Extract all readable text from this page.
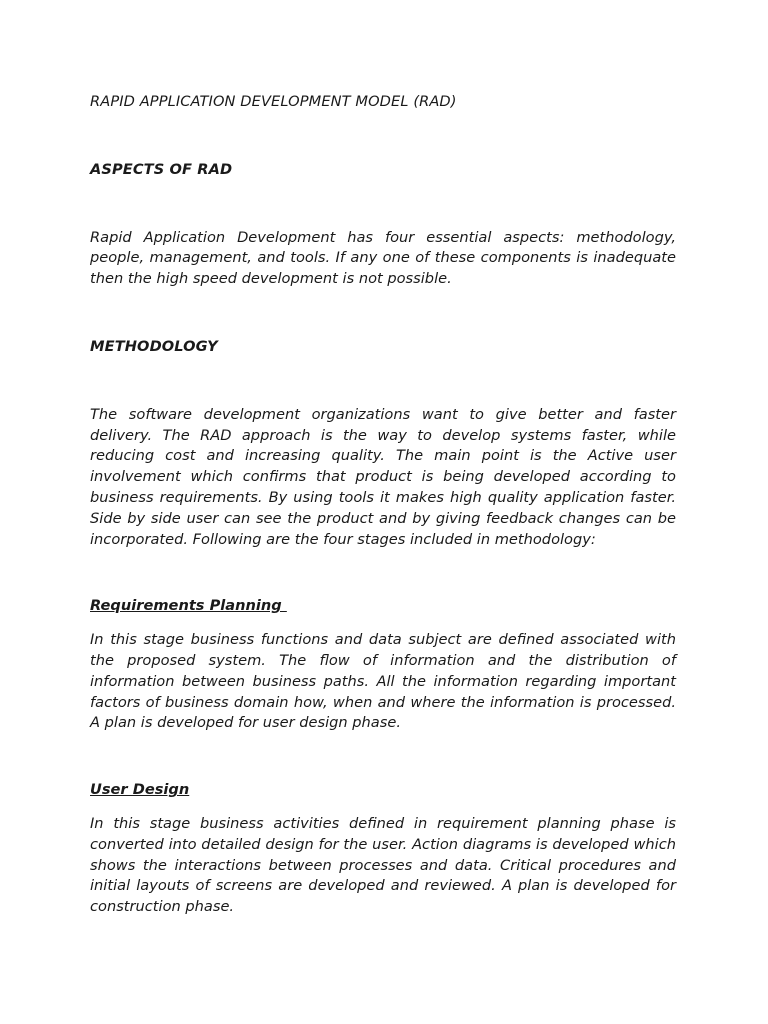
RAPID APPLICATION DEVELOPMENT MODEL (RAD)
ASPECTS OF RAD

Rapid Application Development has four essential aspects: methodology, people, management, and tools. If any one of these components is inadequate then the high speed development is not possible.

METHODOLOGY

The software development organizations want to give better and faster delivery. The RAD approach is the way to develop systems faster, while reducing cost and increasing quality. The main point is the Active user involvement which confirms that product is being developed according to business requirements. By using tools it makes high quality application faster. Side by side user can see the product and by giving feedback changes can be incorporated. Following are the four stages included in methodology:

Requirements Planning

In this stage business functions and data subject are defined associated with the proposed system. The flow of information and the distribution of information between business paths. All the information regarding important factors of business domain how, when and where the information is processed. A plan is developed for user design phase.

User Design

In this stage business activities defined in requirement planning phase is converted into detailed design for the user. Action diagrams is developed which shows the interactions between processes and data. Critical procedures and initial layouts of screens are developed and reviewed. A plan is developed for construction phase.
